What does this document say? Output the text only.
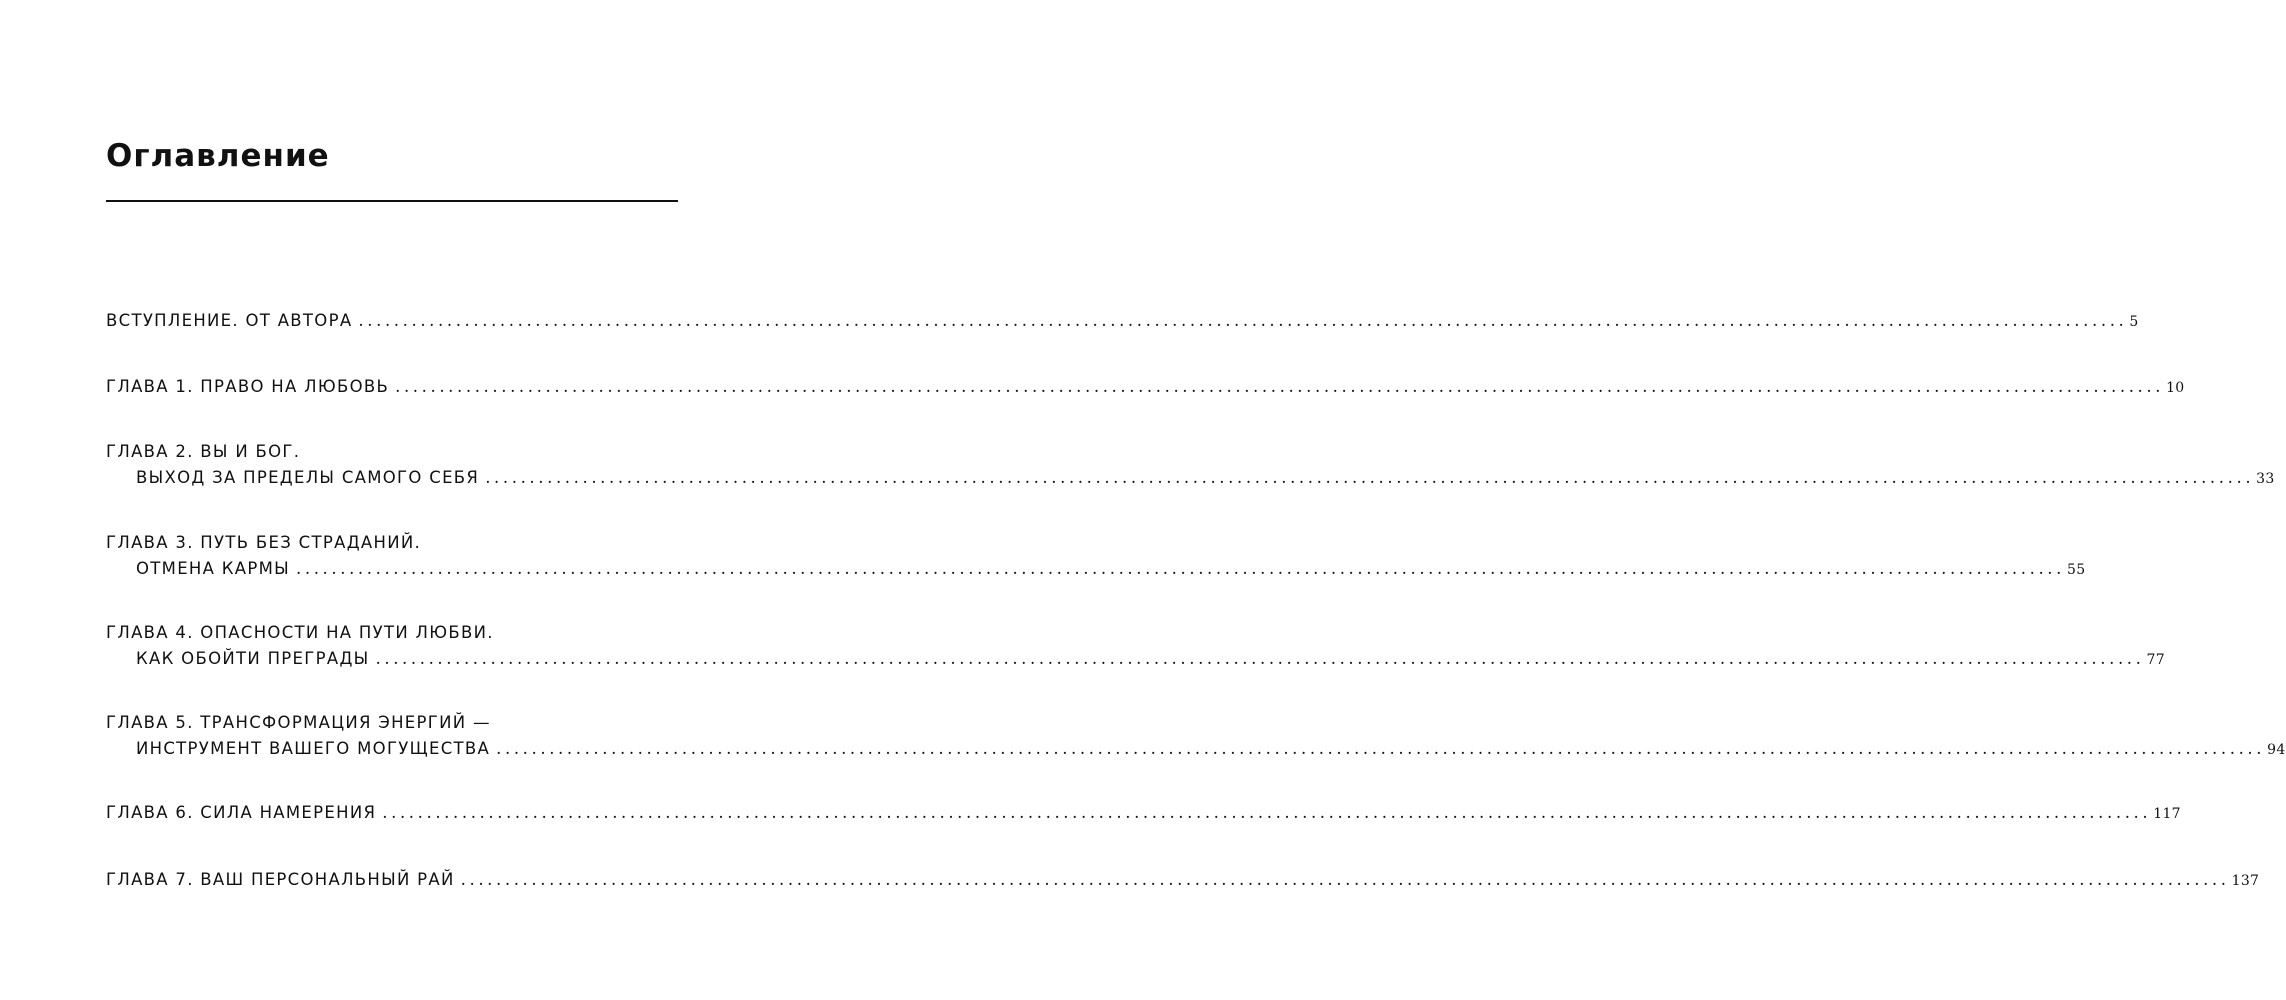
Оглавление
ВСТУПЛЕНИЕ. ОТ АВТОРА ........................................................................................................................................................................................................ 5
ГЛАВА 1. ПРАВО НА ЛЮБОВЬ ........................................................................................................................................................................................................ 10
ГЛАВА 2. ВЫ И БОГ.
ВЫХОД ЗА ПРЕДЕЛЫ САМОГО СЕБЯ ........................................................................................................................................................................................................ 33
ГЛАВА 3. ПУТЬ БЕЗ СТРАДАНИЙ.
ОТМЕНА КАРМЫ ........................................................................................................................................................................................................ 55
ГЛАВА 4. ОПАСНОСТИ НА ПУТИ ЛЮБВИ.
КАК ОБОЙТИ ПРЕГРАДЫ ........................................................................................................................................................................................................ 77
ГЛАВА 5. ТРАНСФОРМАЦИЯ ЭНЕРГИЙ —
ИНСТРУМЕНТ ВАШЕГО МОГУЩЕСТВА ........................................................................................................................................................................................................ 94
ГЛАВА 6. СИЛА НАМЕРЕНИЯ ........................................................................................................................................................................................................ 117
ГЛАВА 7. ВАШ ПЕРСОНАЛЬНЫЙ РАЙ ........................................................................................................................................................................................................ 137
